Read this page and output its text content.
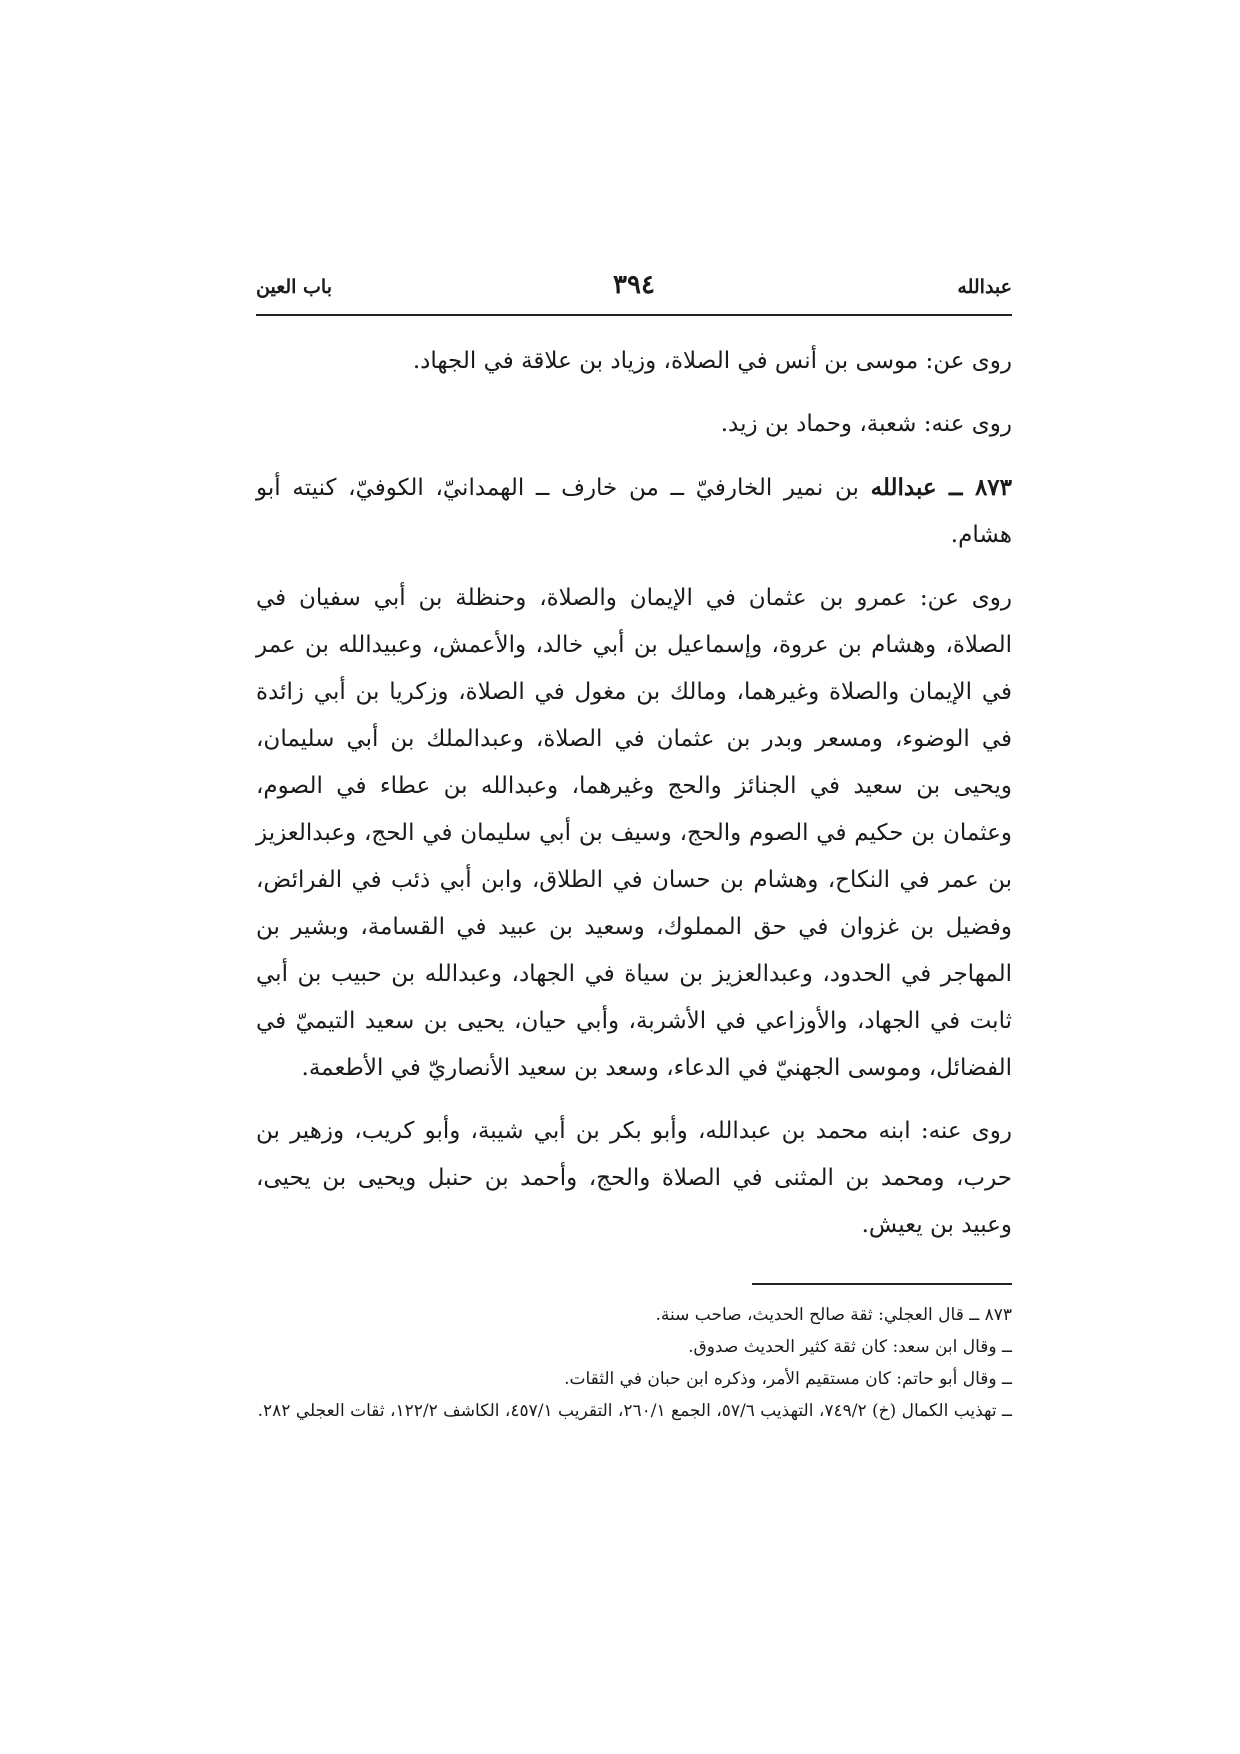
عبدالله
٣٩٤
باب العين

روى عن: موسى بن أنس في الصلاة، وزياد بن علاقة في الجهاد.

روى عنه: شعبة، وحماد بن زيد.

٨٧٣ ــ عبدالله بن نمير الخارفيّ ــ من خارف ــ الهمدانيّ، الكوفيّ، كنيته أبو هشام.

روى عن: عمرو بن عثمان في الإيمان والصلاة، وحنظلة بن أبي سفيان في الصلاة، وهشام بن عروة، وإسماعيل بن أبي خالد، والأعمش، وعبيدالله بن عمر في الإيمان والصلاة وغيرهما، ومالك بن مغول في الصلاة، وزكريا بن أبي زائدة في الوضوء، ومسعر وبدر بن عثمان في الصلاة، وعبدالملك بن أبي سليمان، ويحيى بن سعيد في الجنائز والحج وغيرهما، وعبدالله بن عطاء في الصوم، وعثمان بن حكيم في الصوم والحج، وسيف بن أبي سليمان في الحج، وعبدالعزيز بن عمر في النكاح، وهشام بن حسان في الطلاق، وابن أبي ذئب في الفرائض، وفضيل بن غزوان في حق المملوك، وسعيد بن عبيد في القسامة، وبشير بن المهاجر في الحدود، وعبدالعزيز بن سياة في الجهاد، وعبدالله بن حبيب بن أبي ثابت في الجهاد، والأوزاعي في الأشربة، وأبي حيان، يحيى بن سعيد التيميّ في الفضائل، وموسى الجهنيّ في الدعاء، وسعد بن سعيد الأنصاريّ في الأطعمة.

روى عنه: ابنه محمد بن عبدالله، وأبو بكر بن أبي شيبة، وأبو كريب، وزهير بن حرب، ومحمد بن المثنى في الصلاة والحج، وأحمد بن حنبل ويحيى بن يحيى، وعبيد بن يعيش.

٨٧٣ ــ قال العجلي: ثقة صالح الحديث، صاحب سنة.

ــ وقال ابن سعد: كان ثقة كثير الحديث صدوق.

ــ وقال أبو حاتم: كان مستقيم الأمر، وذكره ابن حبان في الثقات.

ــ تهذيب الكمال (خ) ٧٤٩/٢، التهذيب ٥٧/٦، الجمع ٢٦٠/١، التقريب ٤٥٧/١، الكاشف ١٢٢/٢، ثقات العجلي ٢٨٢.
